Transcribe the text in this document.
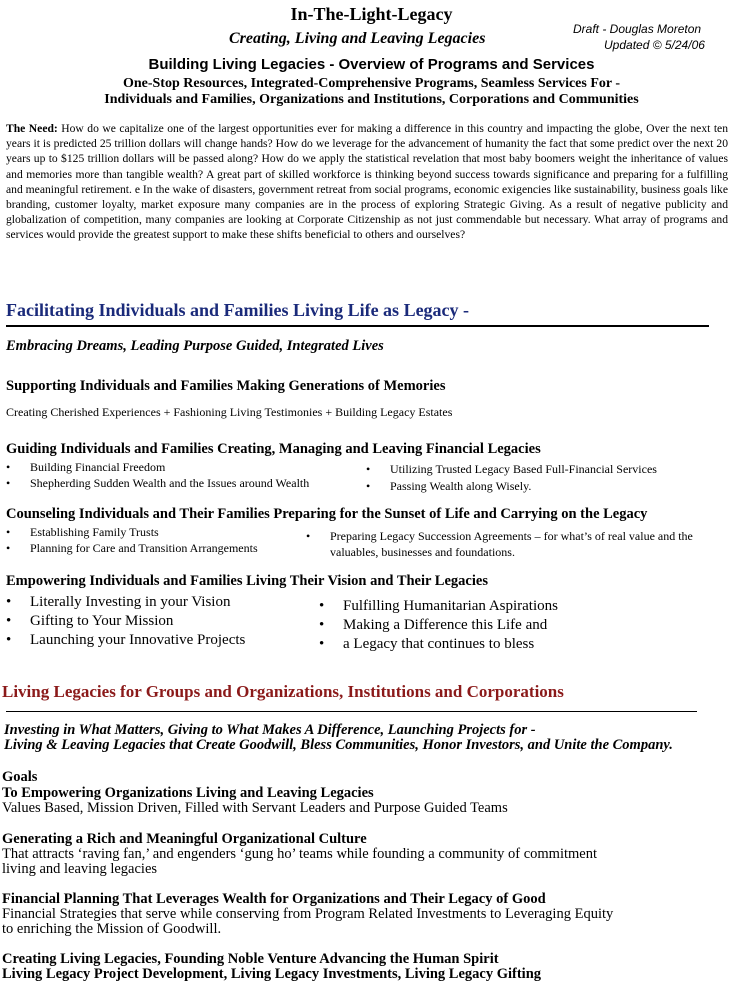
In-The-Light-Legacy
Creating, Living and Leaving Legacies
Draft - Douglas Moreton
Updated © 5/24/06
Building Living Legacies - Overview of Programs and Services
One-Stop Resources, Integrated-Comprehensive Programs, Seamless Services For -
Individuals and Families, Organizations and Institutions, Corporations and Communities

The Need: How do we capitalize one of the largest opportunities ever for making a difference in this country and impacting the globe, Over the next ten years it is predicted 25 trillion dollars will change hands? How do we leverage for the advancement of humanity the fact that some predict over the next 20 years up to $125 trillion dollars will be passed along? How do we apply the statistical revelation that most baby boomers weight the inheritance of values and memories more than tangible wealth? A great part of skilled workforce is thinking beyond success towards significance and preparing for a fulfilling and meaningful retirement. e In the wake of disasters, government retreat from social programs, economic exigencies like sustainability, business goals like branding, customer loyalty, market exposure many companies are in the process of exploring Strategic Giving. As a result of negative publicity and globalization of competition, many companies are looking at Corporate Citizenship as not just commendable but necessary. What array of programs and services would provide the greatest support to make these shifts beneficial to others and ourselves?

Facilitating Individuals and Families Living Life as Legacy -
Embracing Dreams, Leading Purpose Guided, Integrated Lives
Supporting Individuals and Families Making Generations of Memories
Creating Cherished Experiences + Fashioning Living Testimonies + Building Legacy Estates
Guiding Individuals and Families Creating, Managing and Leaving Financial Legacies
• Building Financial Freedom
• Shepherding Sudden Wealth and the Issues around Wealth
• Utilizing Trusted Legacy Based Full-Financial Services
• Passing Wealth along Wisely.
Counseling Individuals and Their Families Preparing for the Sunset of Life and Carrying on the Legacy
• Establishing Family Trusts
• Planning for Care and Transition Arrangements
• Preparing Legacy Succession Agreements – for what’s of real value and the
valuables, businesses and foundations.
Empowering Individuals and Families Living Their Vision and Their Legacies
• Literally Investing in your Vision
• Gifting to Your Mission
• Launching your Innovative Projects
• Fulfilling Humanitarian Aspirations
• Making a Difference this Life and
• a Legacy that continues to bless
Living Legacies for Groups and Organizations, Institutions and Corporations
Investing in What Matters, Giving to What Makes A Difference, Launching Projects for -
Living & Leaving Legacies that Create Goodwill, Bless Communities, Honor Investors, and Unite the Company.
Goals
To Empowering Organizations Living and Leaving Legacies
Values Based, Mission Driven, Filled with Servant Leaders and Purpose Guided Teams
Generating a Rich and Meaningful Organizational Culture
That attracts ‘raving fan,’ and engenders ‘gung ho’ teams while founding a community of commitment
living and leaving legacies
Financial Planning That Leverages Wealth for Organizations and Their Legacy of Good
Financial Strategies that serve while conserving from Program Related Investments to Leveraging Equity
to enriching the Mission of Goodwill.
Creating Living Legacies, Founding Noble Venture Advancing the Human Spirit
Living Legacy Project Development, Living Legacy Investments, Living Legacy Gifting
